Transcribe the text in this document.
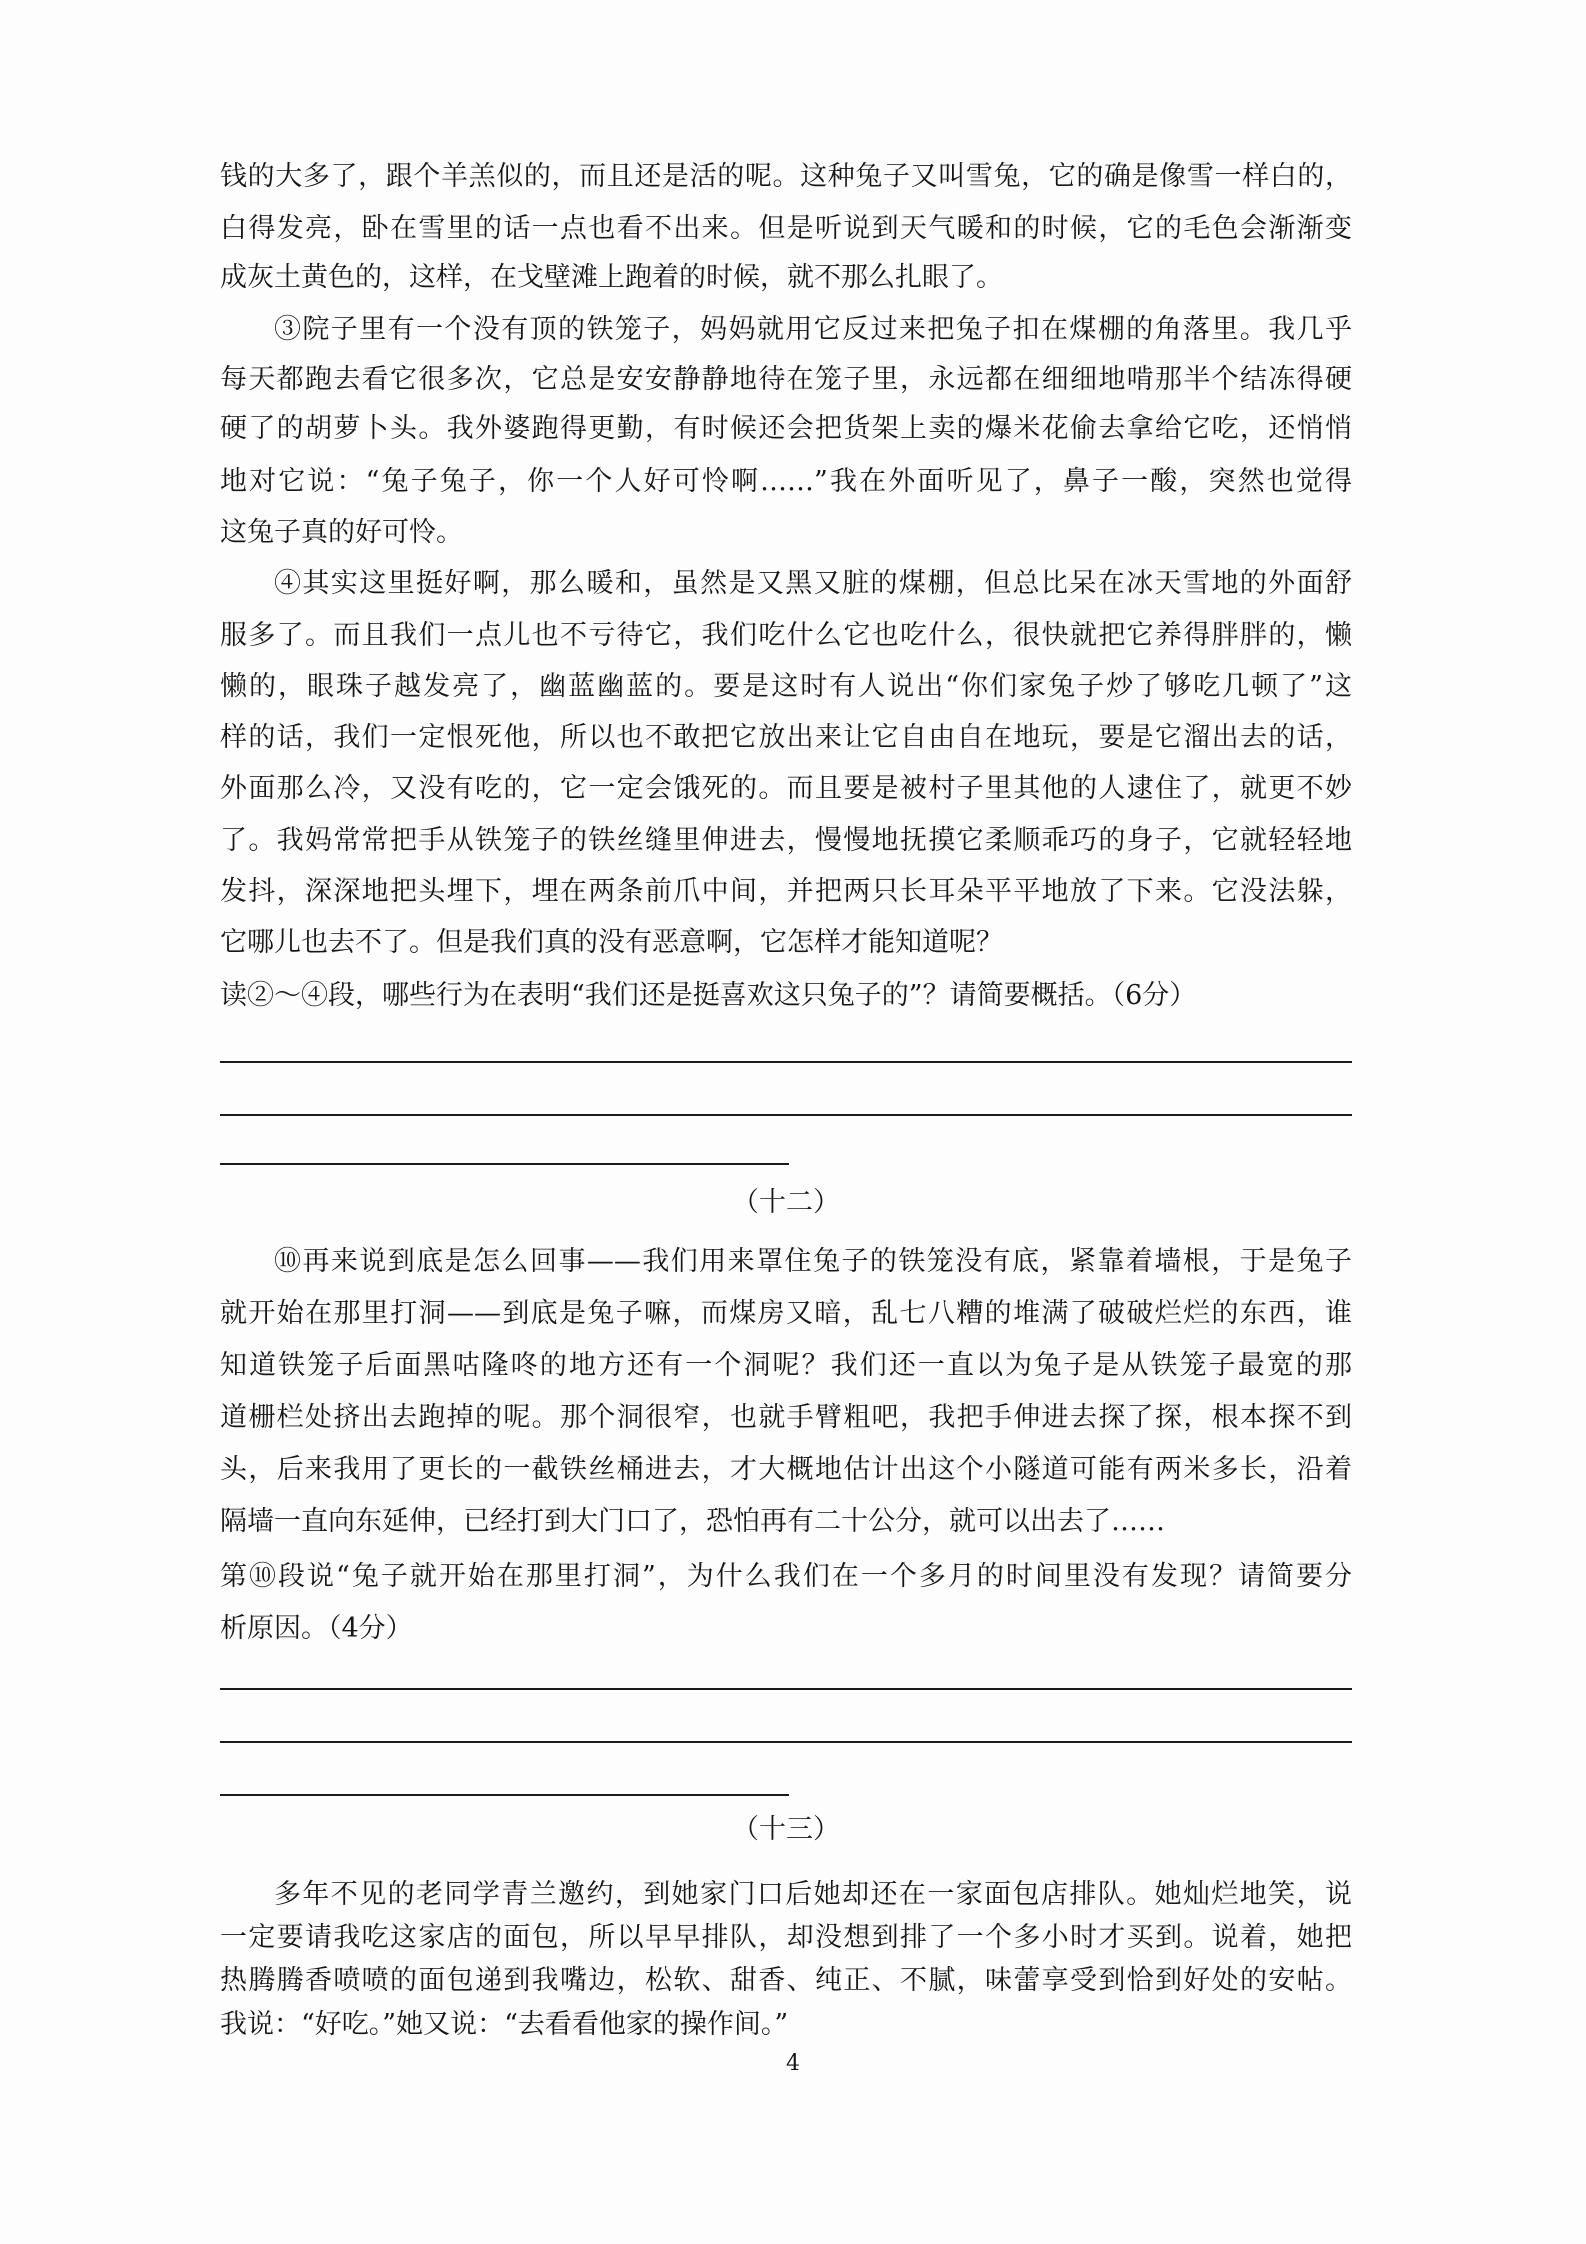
钱的大多了，跟个羊羔似的，而且还是活的呢。这种兔子又叫雪兔，它的确是像雪一样白的，
白得发亮，卧在雪里的话一点也看不出来。但是听说到天气暖和的时候，它的毛色会渐渐变
成灰土黄色的，这样，在戈壁滩上跑着的时候，就不那么扎眼了。
③院子里有一个没有顶的铁笼子，妈妈就用它反过来把兔子扣在煤棚的角落里。我几乎
每天都跑去看它很多次，它总是安安静静地待在笼子里，永远都在细细地啃那半个结冻得硬
硬了的胡萝卜头。我外婆跑得更勤，有时候还会把货架上卖的爆米花偷去拿给它吃，还悄悄
地对它说：“兔子兔子，你一个人好可怜啊……”我在外面听见了，鼻子一酸，突然也觉得
这兔子真的好可怜。
④其实这里挺好啊，那么暖和，虽然是又黑又脏的煤棚，但总比呆在冰天雪地的外面舒
服多了。而且我们一点儿也不亏待它，我们吃什么它也吃什么，很快就把它养得胖胖的，懒
懒的，眼珠子越发亮了，幽蓝幽蓝的。要是这时有人说出“你们家兔子炒了够吃几顿了”这
样的话，我们一定恨死他，所以也不敢把它放出来让它自由自在地玩，要是它溜出去的话，
外面那么冷，又没有吃的，它一定会饿死的。而且要是被村子里其他的人逮住了，就更不妙
了。我妈常常把手从铁笼子的铁丝缝里伸进去，慢慢地抚摸它柔顺乖巧的身子，它就轻轻地
发抖，深深地把头埋下，埋在两条前爪中间，并把两只长耳朵平平地放了下来。它没法躲，
它哪儿也去不了。但是我们真的没有恶意啊，它怎样才能知道呢？
读②～④段，哪些行为在表明“我们还是挺喜欢这只兔子的”？请简要概括。（6分）
（十二）
⑩再来说到底是怎么回事——我们用来罩住兔子的铁笼没有底，紧靠着墙根，于是兔子
就开始在那里打洞——到底是兔子嘛，而煤房又暗，乱七八糟的堆满了破破烂烂的东西，谁
知道铁笼子后面黑咕隆咚的地方还有一个洞呢？我们还一直以为兔子是从铁笼子最宽的那
道栅栏处挤出去跑掉的呢。那个洞很窄，也就手臂粗吧，我把手伸进去探了探，根本探不到
头，后来我用了更长的一截铁丝桶进去，才大概地估计出这个小隧道可能有两米多长，沿着
隔墙一直向东延伸，已经打到大门口了，恐怕再有二十公分，就可以出去了……
第⑩段说“兔子就开始在那里打洞”，为什么我们在一个多月的时间里没有发现？请简要分
析原因。（4分）
（十三）
多年不见的老同学青兰邀约，到她家门口后她却还在一家面包店排队。她灿烂地笑，说
一定要请我吃这家店的面包，所以早早排队，却没想到排了一个多小时才买到。说着，她把
热腾腾香喷喷的面包递到我嘴边，松软、甜香、纯正、不腻，味蕾享受到恰到好处的安帖。
我说：“好吃。”她又说：“去看看他家的操作间。”
4
